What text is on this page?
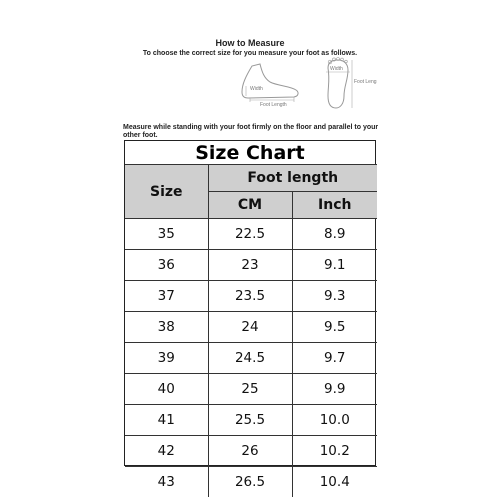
How to Measure
To choose the correct size for you measure your foot as follows.
Width
Foot Length
Width
Foot Leng
Measure while standing with your foot firmly on the floor and parallel to your other foot.
Size Chart
Size	Foot length	
	CM	Inch
35	22.5	8.9
36	23	9.1
37	23.5	9.3
38	24	9.5
39	24.5	9.7
40	25	9.9
41	25.5	10.0
42	26	10.2
43	26.5	10.4
